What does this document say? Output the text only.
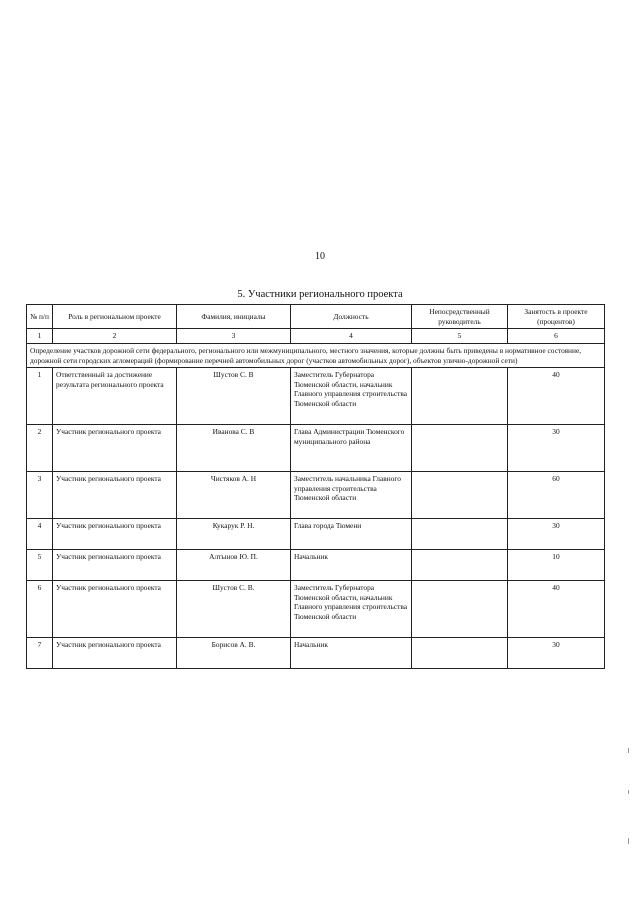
10
5. Участники регионального проекта
№ п/п	Роль в региональном проекте	Фамилия, инициалы	Должность	Непосредственный руководитель	Занятость в проекте (процентов)
1	2	3	4	5	6
Определение участков дорожной сети федерального, регионального или межмуниципального, местного значения, которые должны быть приведены в нормативное состояние, дорожной сети городских агломераций (формирование перечней автомобильных дорог (участков автомобильных дорог), объектов улично-дорожной сети)					
1	Ответственный за достижение результата регионального проекта	Шустов С. В	Заместитель Губернатора Тюменской области, начальник Главного управления строительства Тюменской области		40
2	Участник регионального проекта	Иванова С. В	Глава Администрации Тюменского муниципального района		30
3	Участник регионального проекта	Чистяков А. Н	Заместитель начальника Главного управления строительства Тюменской области		60
4	Участник регионального проекта	Кукарук Р. Н.	Глава города Тюмени		30
5	Участник регионального проекта	Алтынов Ю. П.	Начальник		10
6	Участник регионального проекта	Шустов С. В.	Заместитель Губернатора Тюменской области, начальник Главного управления строительства Тюменской области		40
7	Участник регионального проекта	Борисов А. В.	Начальник		30
